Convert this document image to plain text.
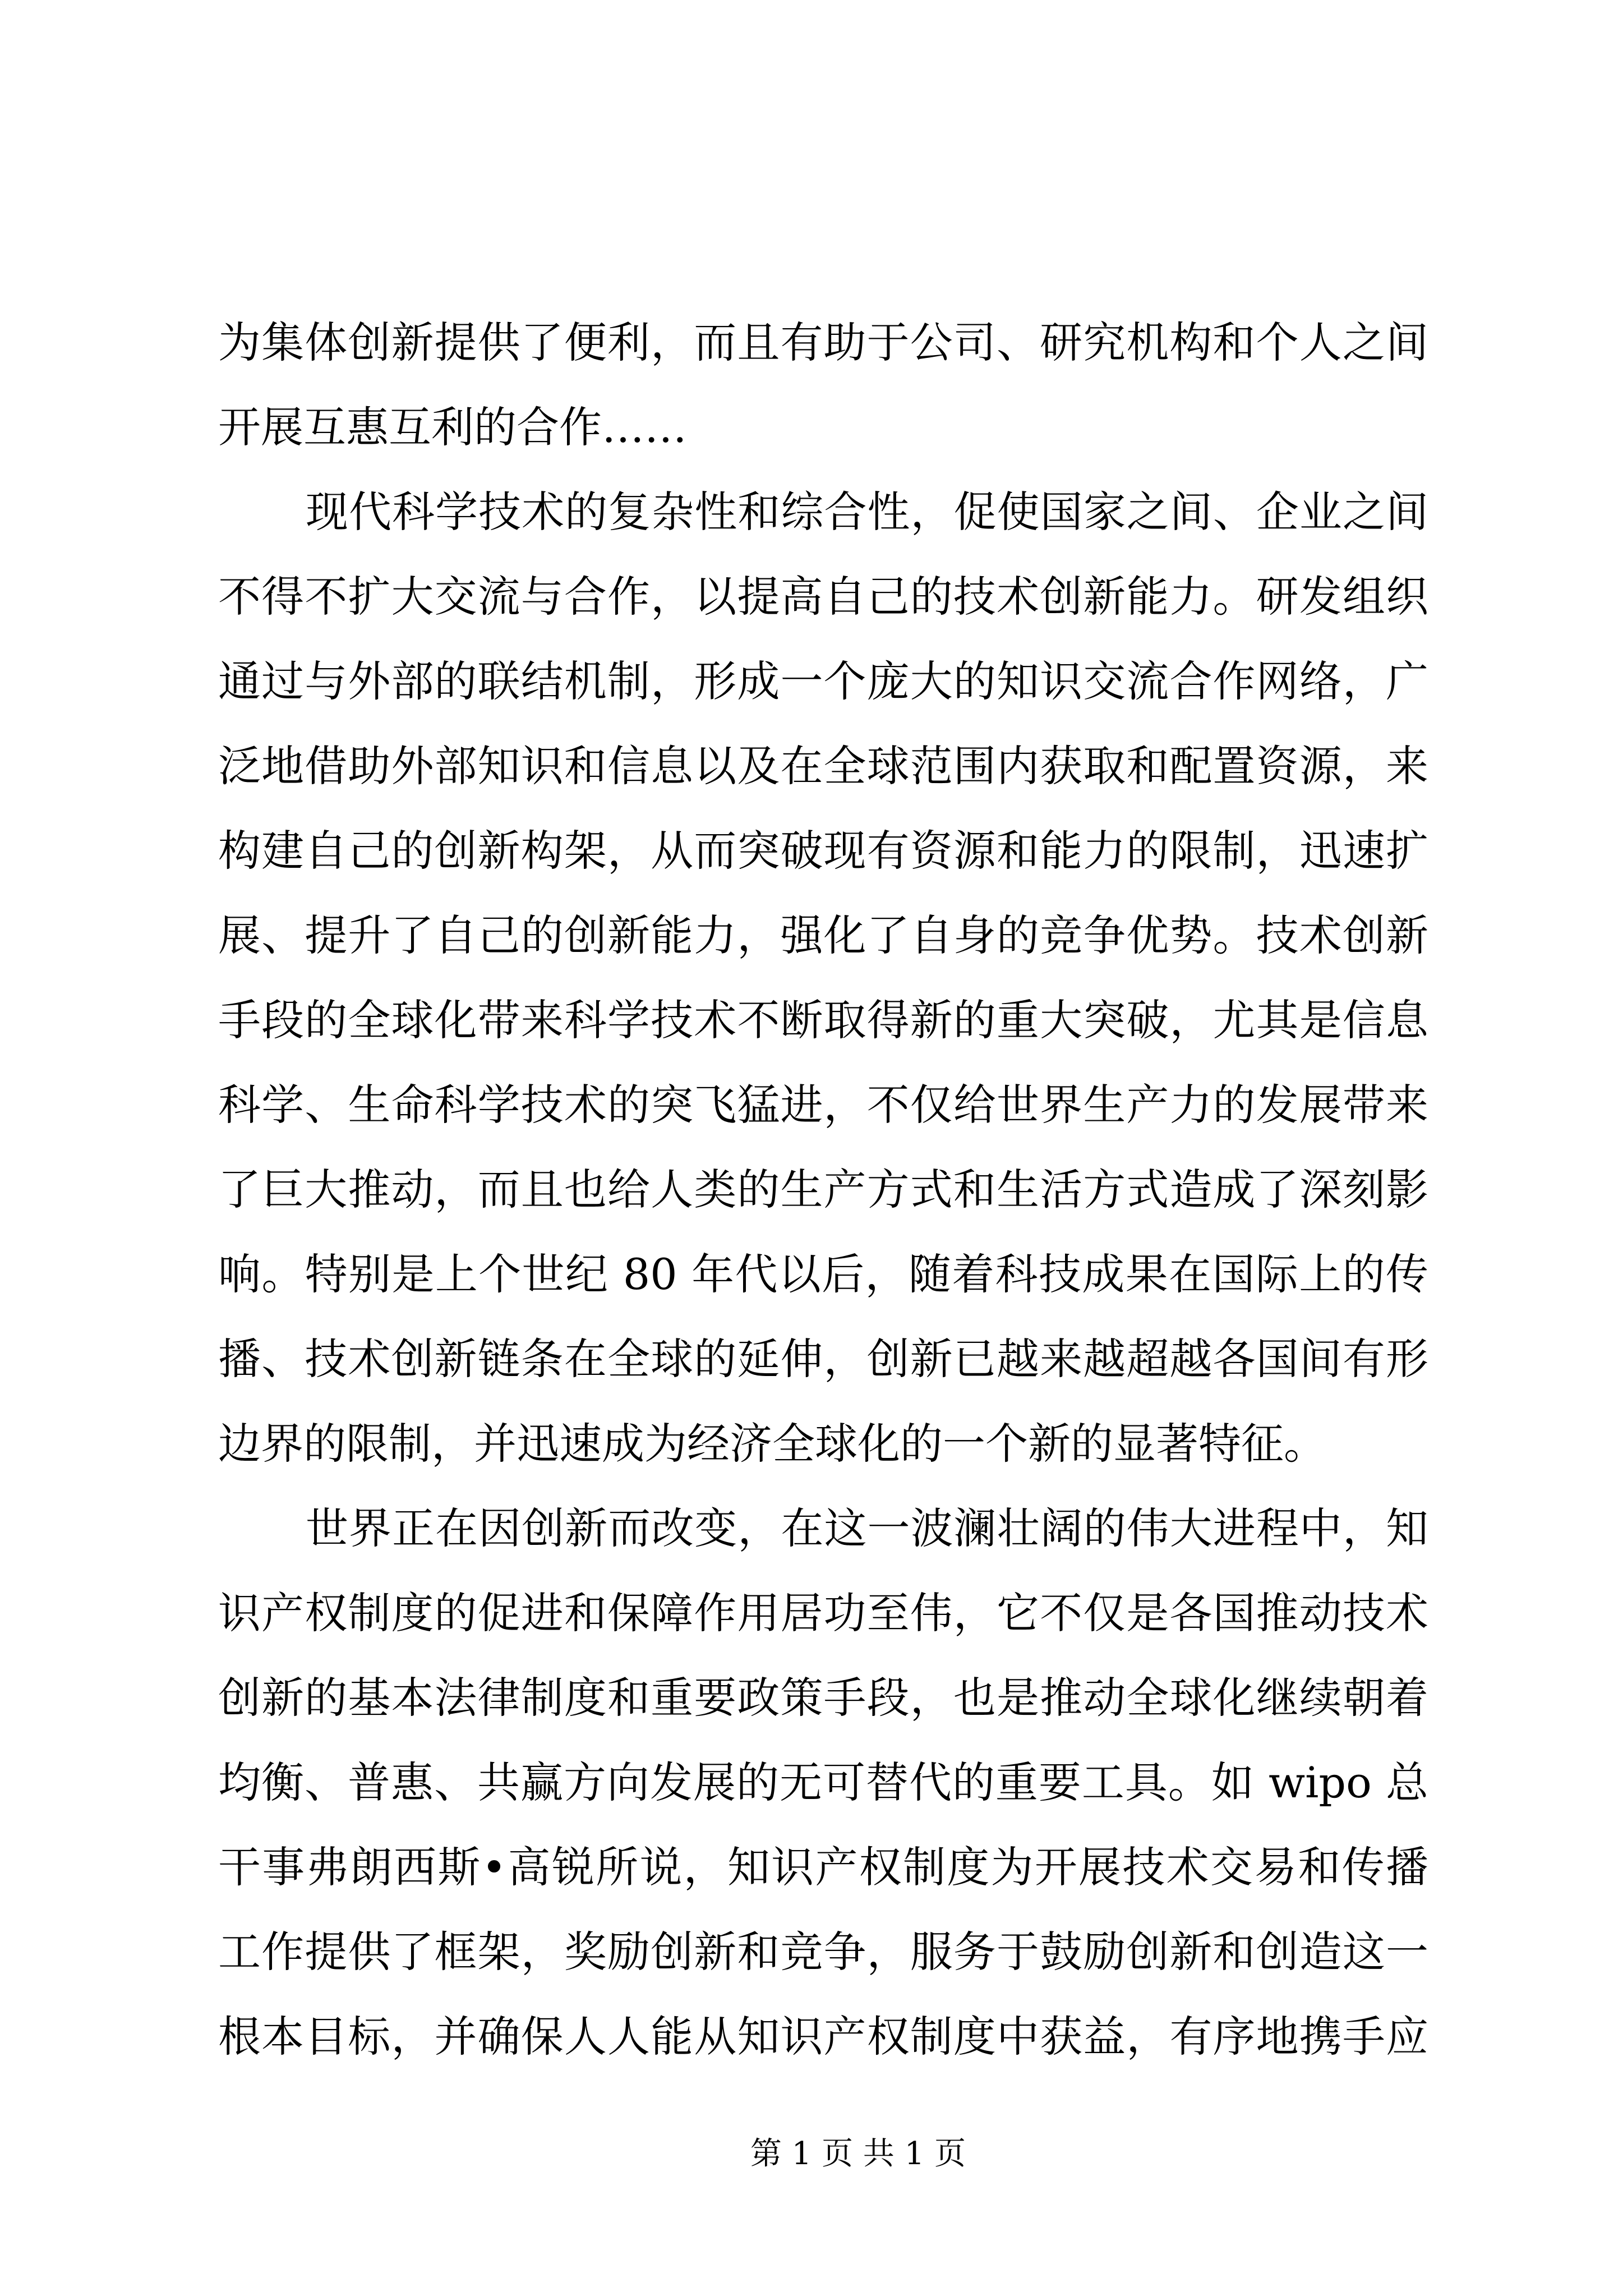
为集体创新提供了便利，而且有助于公司、研究机构和个人之间
开展互惠互利的合作……
现代科学技术的复杂性和综合性，促使国家之间、企业之间
不得不扩大交流与合作，以提高自己的技术创新能力。研发组织
通过与外部的联结机制，形成一个庞大的知识交流合作网络，广
泛地借助外部知识和信息以及在全球范围内获取和配置资源，来
构建自己的创新构架，从而突破现有资源和能力的限制，迅速扩
展、提升了自己的创新能力，强化了自身的竞争优势。技术创新
手段的全球化带来科学技术不断取得新的重大突破，尤其是信息
科学、生命科学技术的突飞猛进，不仅给世界生产力的发展带来
了巨大推动，而且也给人类的生产方式和生活方式造成了深刻影
响。特别是上个世纪 80 年代以后，随着科技成果在国际上的传
播、技术创新链条在全球的延伸，创新已越来越超越各国间有形
边界的限制，并迅速成为经济全球化的一个新的显著特征。
世界正在因创新而改变，在这一波澜壮阔的伟大进程中，知
识产权制度的促进和保障作用居功至伟，它不仅是各国推动技术
创新的基本法律制度和重要政策手段，也是推动全球化继续朝着
均衡、普惠、共赢方向发展的无可替代的重要工具。如 wipo 总
干事弗朗西斯•高锐所说，知识产权制度为开展技术交易和传播
工作提供了框架，奖励创新和竞争，服务于鼓励创新和创造这一
根本目标，并确保人人能从知识产权制度中获益，有序地携手应
第 1 页 共 1 页
